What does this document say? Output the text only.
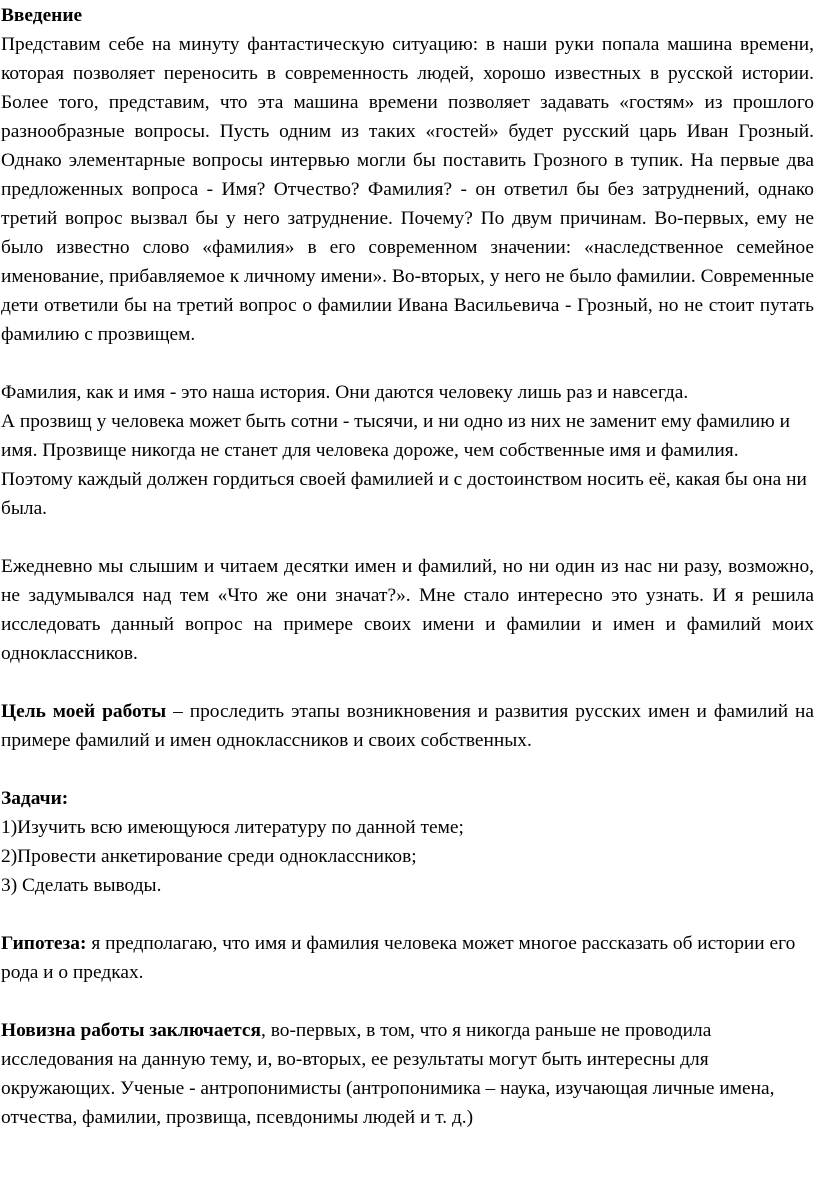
Введение

Представим себе на минуту фантастическую ситуацию: в наши руки попала машина времени, которая позволяет переносить в современность людей, хорошо известных в русской истории. Более того, представим, что эта машина времени позволяет задавать «гостям» из прошлого разнообразные вопросы. Пусть одним из таких «гостей» будет русский царь Иван Грозный. Однако элементарные вопросы интервью могли бы поставить Грозного в тупик. На первые два предложенных вопроса - Имя? Отчество? Фамилия? - он ответил бы без затруднений, однако третий вопрос вызвал бы у него затруднение. Почему? По двум причинам. Во-первых, ему не было известно слово «фамилия» в его современном значении: «наследственное семейное именование, прибавляемое к личному имени». Во-вторых, у него не было фамилии. Современные дети ответили бы на третий вопрос о фамилии Ивана Васильевича - Грозный, но не стоит путать фамилию с прозвищем.

Фамилия, как и имя - это наша история. Они даются человеку лишь раз и навсегда.

А прозвищ у человека может быть сотни - тысячи, и ни одно из них не заменит ему фамилию и имя. Прозвище никогда не станет для человека дороже, чем собственные имя и фамилия. Поэтому каждый должен гордиться своей фамилией и с достоинством носить её, какая бы она ни была.

Ежедневно мы слышим и читаем десятки имен и фамилий, но ни один из нас ни разу, возможно, не задумывался над тем «Что же они значат?». Мне стало интересно это узнать. И я решила исследовать данный вопрос на примере своих имени и фамилии и имен и фамилий моих одноклассников.

Цель моей работы – проследить этапы возникновения и развития русских имен и фамилий на примере фамилий и имен одноклассников и своих собственных.

Задачи:

1)Изучить всю имеющуюся литературу по данной теме;

2)Провести анкетирование среди одноклассников;

3) Сделать выводы.

Гипотеза: я предполагаю, что имя и фамилия человека может многое рассказать об истории его рода и о предках.

Новизна работы заключается, во-первых, в том, что я никогда раньше не проводила исследования на данную тему, и, во-вторых, ее результаты могут быть интересны для окружающих. Ученые - антропонимисты (антропонимика – наука, изучающая личные имена, отчества, фамилии, прозвища, псевдонимы людей и т. д.)
